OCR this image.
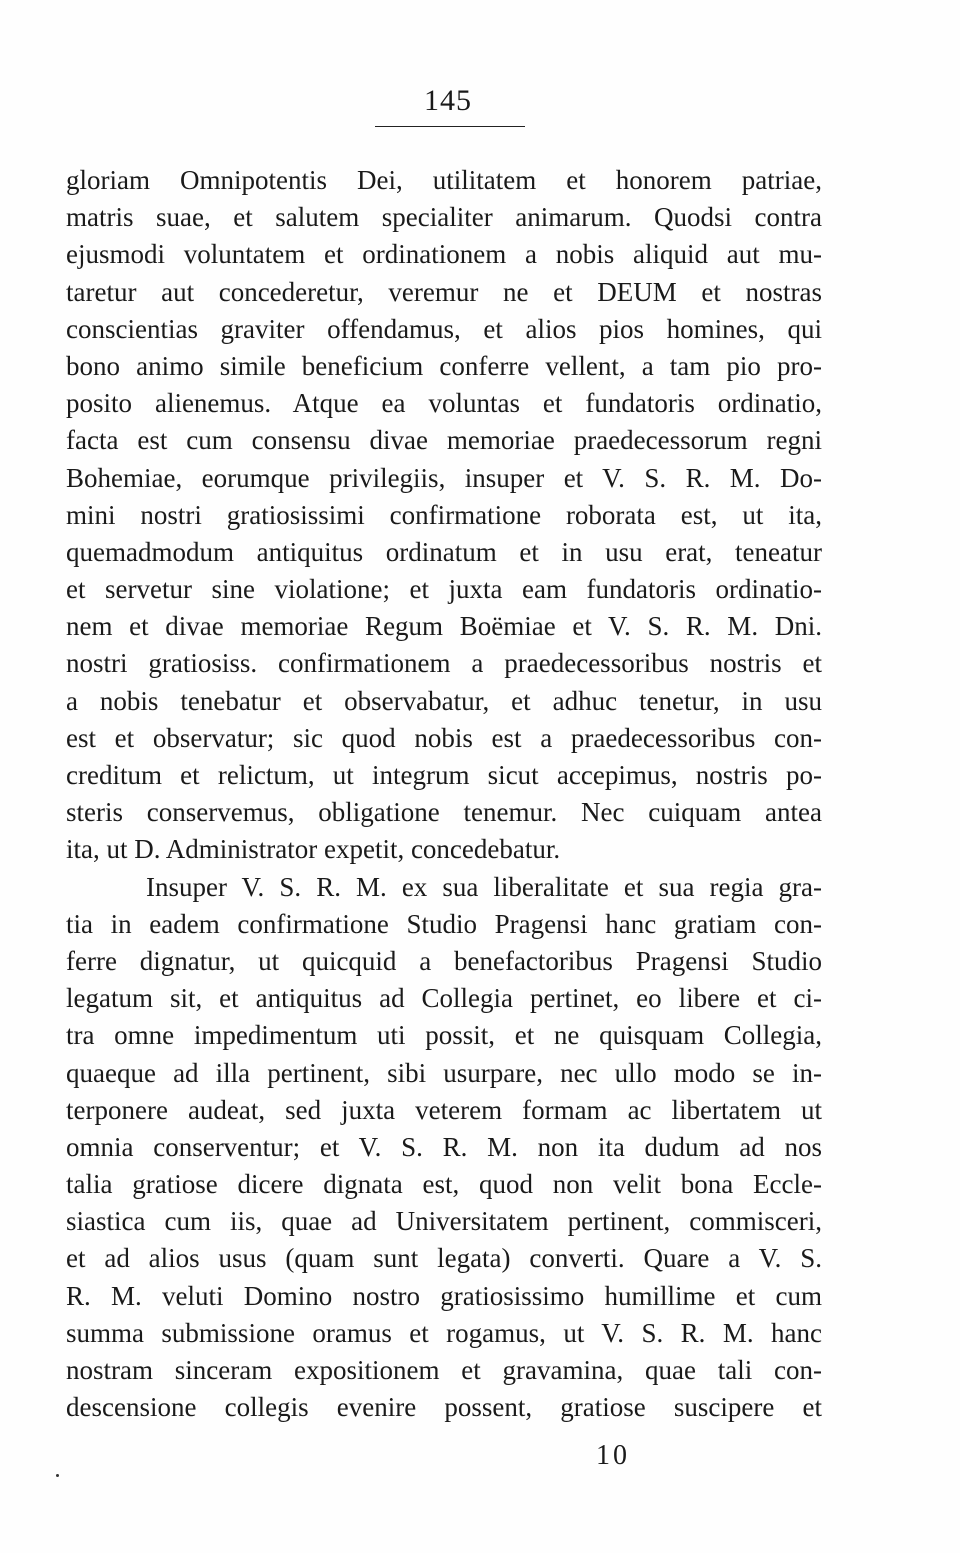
145
gloriam Omnipotentis Dei, utilitatem et honorem patriae,
matris suae, et salutem specialiter animarum. Quodsi contra
ejusmodi voluntatem et ordinationem a nobis aliquid aut mu-
taretur aut concederetur, veremur ne et DEUM et nostras
conscientias graviter offendamus, et alios pios homines, qui
bono animo simile beneficium conferre vellent, a tam pio pro-
posito alienemus. Atque ea voluntas et fundatoris ordinatio,
facta est cum consensu divae memoriae praedecessorum regni
Bohemiae, eorumque privilegiis, insuper et V. S. R. M. Do-
mini nostri gratiosissimi confirmatione roborata est, ut ita,
quemadmodum antiquitus ordinatum et in usu erat, teneatur
et servetur sine violatione; et juxta eam fundatoris ordinatio-
nem et divae memoriae Regum Boëmiae et V. S. R. M. Dni.
nostri gratiosiss. confirmationem a praedecessoribus nostris et
a nobis tenebatur et observabatur, et adhuc tenetur, in usu
est et observatur; sic quod nobis est a praedecessoribus con-
creditum et relictum, ut integrum sicut accepimus, nostris po-
steris conservemus, obligatione tenemur. Nec cuiquam antea
ita, ut D. Administrator expetit, concedebatur.
Insuper V. S. R. M. ex sua liberalitate et sua regia gra-
tia in eadem confirmatione Studio Pragensi hanc gratiam con-
ferre dignatur, ut quicquid a benefactoribus Pragensi Studio
legatum sit, et antiquitus ad Collegia pertinet, eo libere et ci-
tra omne impedimentum uti possit, et ne quisquam Collegia,
quaeque ad illa pertinent, sibi usurpare, nec ullo modo se in-
terponere audeat, sed juxta veterem formam ac libertatem ut
omnia conserventur; et V. S. R. M. non ita dudum ad nos
talia gratiose dicere dignata est, quod non velit bona Eccle-
siastica cum iis, quae ad Universitatem pertinent, commisceri,
et ad alios usus (quam sunt legata) converti. Quare a V. S.
R. M. veluti Domino nostro gratiosissimo humillime et cum
summa submissione oramus et rogamus, ut V. S. R. M. hanc
nostram sinceram expositionem et gravamina, quae tali con-
descensione collegis evenire possent, gratiose suscipere et
10
